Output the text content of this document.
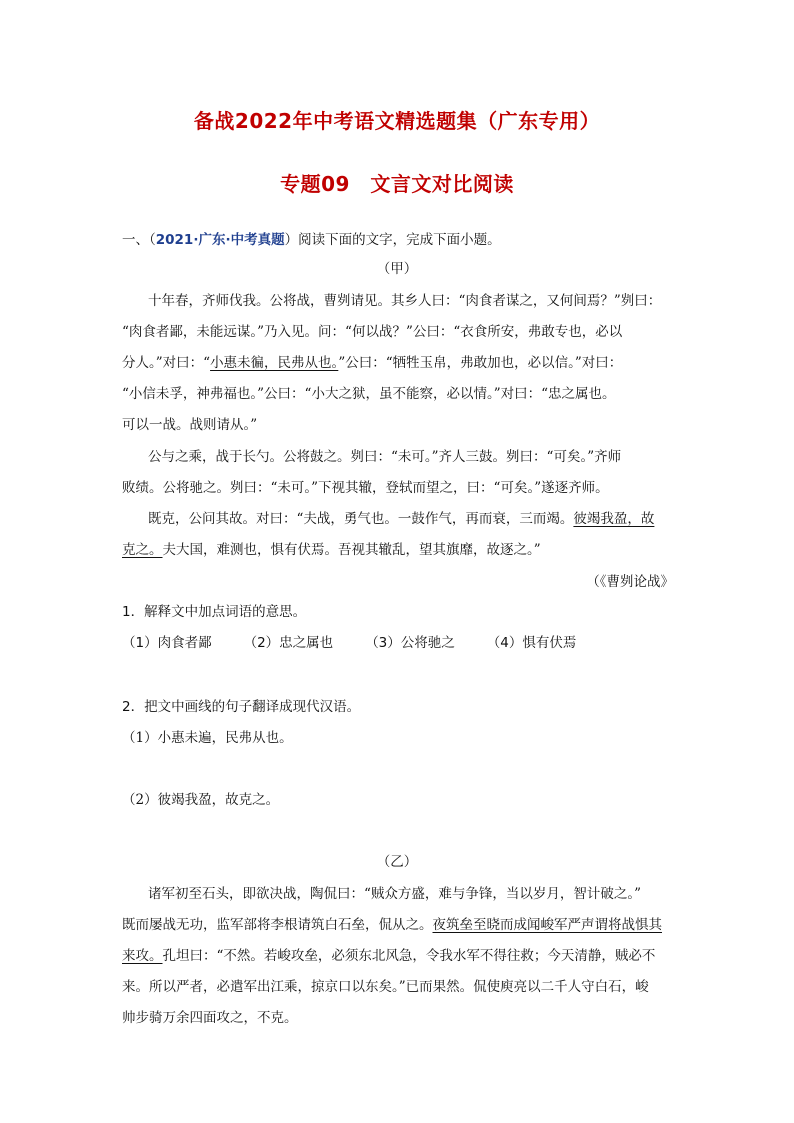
备战2022年中考语文精选题集（广东专用）
专题09　文言文对比阅读
一、（2021·广东·中考真题）阅读下面的文字，完成下面小题。
（甲）
十年春，齐师伐我。公将战，曹刿请见。其乡人曰：“肉食者谋之，又何间焉？”刿曰：
“肉食者鄙，未能远谋。”乃入见。问：“何以战？”公曰：“衣食所安，弗敢专也，必以
分人。”对曰：“小惠未徧，民弗从也。”公曰：“牺牲玉帛，弗敢加也，必以信。”对曰：
“小信未孚，神弗福也。”公曰：“小大之狱，虽不能察，必以情。”对曰：“忠之属也。
可以一战。战则请从。”
公与之乘，战于长勺。公将鼓之。刿曰：“未可。”齐人三鼓。刿曰：“可矣。”齐师
败绩。公将驰之。刿曰：“未可。”下视其辙，登轼而望之，曰：“可矣。”遂逐齐师。
既克，公问其故。对曰：“夫战，勇气也。一鼓作气，再而衰，三而竭。彼竭我盈，故
克之。夫大国，难测也，惧有伏焉。吾视其辙乱，望其旗靡，故逐之。”
（《曹刿论战》
1．解释文中加点词语的意思。
（1）肉食者鄙 （2）忠之属也 （3）公将驰之 （4）惧有伏焉
2．把文中画线的句子翻译成现代汉语。
（1）小惠未遍，民弗从也。
（2）彼竭我盈，故克之。
（乙）
诸军初至石头，即欲决战，陶侃曰：“贼众方盛，难与争锋，当以岁月，智计破之。”
既而屡战无功，监军部将李根请筑白石垒，侃从之。夜筑垒至晓而成闻峻军严声谓将战惧其
来攻。孔坦曰：“不然。若峻攻垒，必须东北风急，令我水军不得往救；今天清静，贼必不
来。所以严者，必遣军出江乘，掠京口以东矣。”已而果然。侃使庾亮以二千人守白石，峻
帅步骑万余四面攻之，不克。
